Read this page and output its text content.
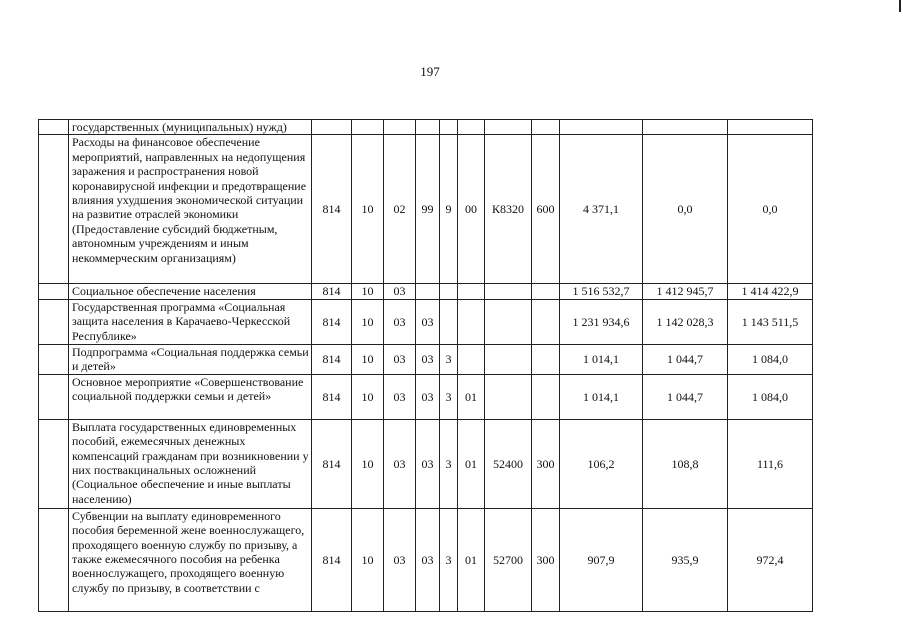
197
	государственных (муниципальных) нужд)											
	Расходы на финансовое обеспечение мероприятий, направленных на недопущения заражения и распространения новой коронавирусной инфекции и предотвращение влияния ухудшения экономической ситуации на развитие отраслей экономики (Предоставление субсидий бюджетным, автономным учреждениям и иным некоммерческим организациям)	814	10	02	99	9	00	К8320	600	4 371,1	0,0	0,0
	Социальное обеспечение населения	814	10	03						1 516 532,7	1 412 945,7	1 414 422,9
	Государственная программа «Социальная защита населения в Карачаево-Черкесской Республике»	814	10	03	03					1 231 934,6	1 142 028,3	1 143 511,5
	Подпрограмма «Социальная поддержка семьи и детей»	814	10	03	03	3				1 014,1	1 044,7	1 084,0
	Основное мероприятие «Совершенствование социальной поддержки семьи и детей»	814	10	03	03	3	01			1 014,1	1 044,7	1 084,0
	Выплата государственных единовременных пособий, ежемесячных денежных компенсаций гражданам при возникновении у них поствакцинальных осложнений (Социальное обеспечение и иные выплаты населению)	814	10	03	03	3	01	52400	300	106,2	108,8	111,6
	Субвенции на выплату единовременного пособия беременной жене военнослужащего, проходящего военную службу по призыву, а также ежемесячного пособия на ребенка военнослужащего, проходящего военную службу по призыву, в соответствии с	814	10	03	03	3	01	52700	300	907,9	935,9	972,4
